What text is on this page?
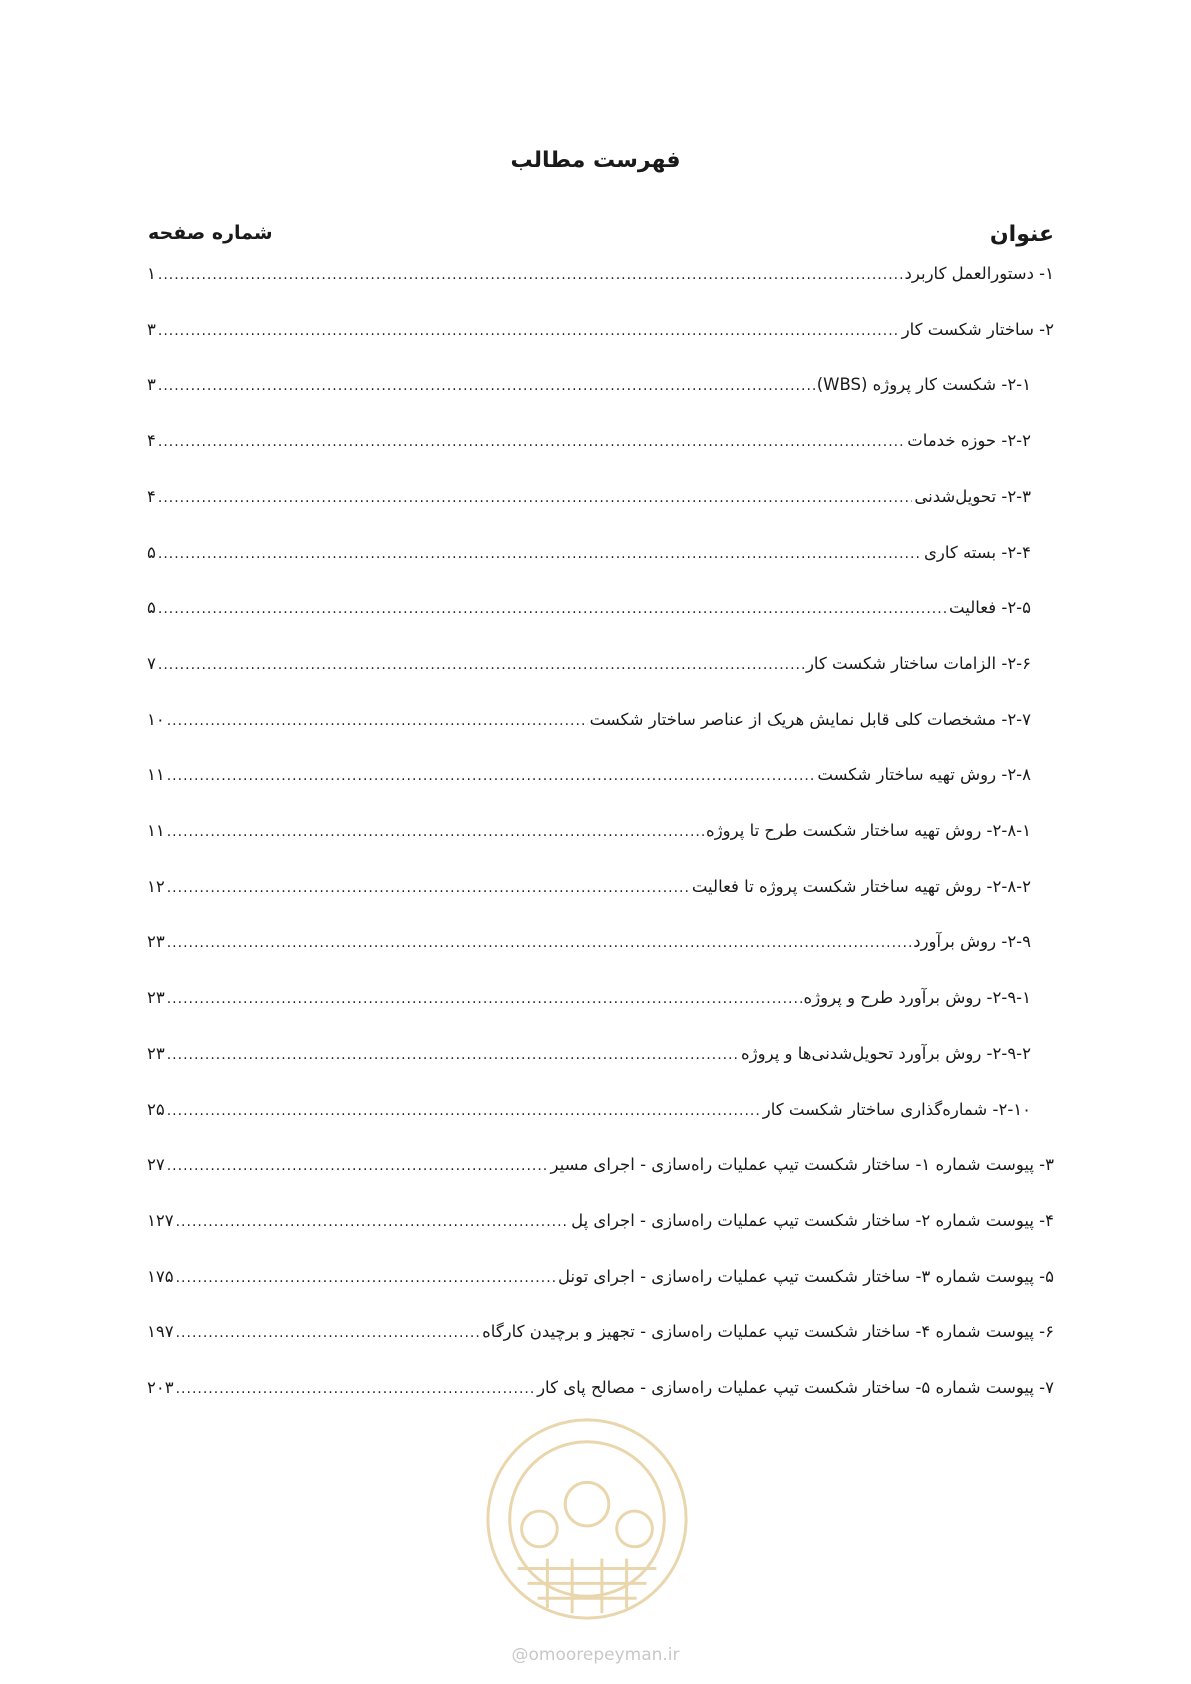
فهرست مطالب
عنوان
شماره صفحه
۱- دستورالعمل کاربرد
.....
۱
۲- ساختار شکست کار
.....
۳
۲-۱- شکست کار پروژه (WBS)
.....
۳
۲-۲- حوزه خدمات
.....
۴
۲-۳- تحویل‌شدنی
.....
۴
۲-۴- بسته کاری
.....
۵
۲-۵- فعالیت
.....
۵
۲-۶- الزامات ساختار شکست کار
.....
۷
۲-۷- مشخصات کلی قابل نمایش هریک از عناصر ساختار شکست
.....
۱۰
۲-۸- روش تهیه ساختار شکست
.....
۱۱
۲-۸-۱- روش تهیه ساختار شکست طرح تا پروژه
.....
۱۱
۲-۸-۲- روش تهیه ساختار شکست پروژه تا فعالیت
.....
۱۲
۲-۹- روش برآورد
.....
۲۳
۲-۹-۱- روش برآورد طرح و پروژه
.....
۲۳
۲-۹-۲- روش برآورد تحویل‌شدنی‌ها و پروژه
.....
۲۳
۲-۱۰- شماره‌گذاری ساختار شکست کار
.....
۲۵
۳- پیوست شماره ۱- ساختار شکست تیپ عملیات راه‌سازی - اجرای مسیر
.....
۲۷
۴- پیوست شماره ۲- ساختار شکست تیپ عملیات راه‌سازی - اجرای پل
.....
۱۲۷
۵- پیوست شماره ۳- ساختار شکست تیپ عملیات راه‌سازی - اجرای تونل
.....
۱۷۵
۶- پیوست شماره ۴- ساختار شکست تیپ عملیات راه‌سازی - تجهیز و برچیدن کارگاه
.....
۱۹۷
۷- پیوست شماره ۵- ساختار شکست تیپ عملیات راه‌سازی - مصالح پای کار
.....
۲۰۳
@omoorepeyman.ir
